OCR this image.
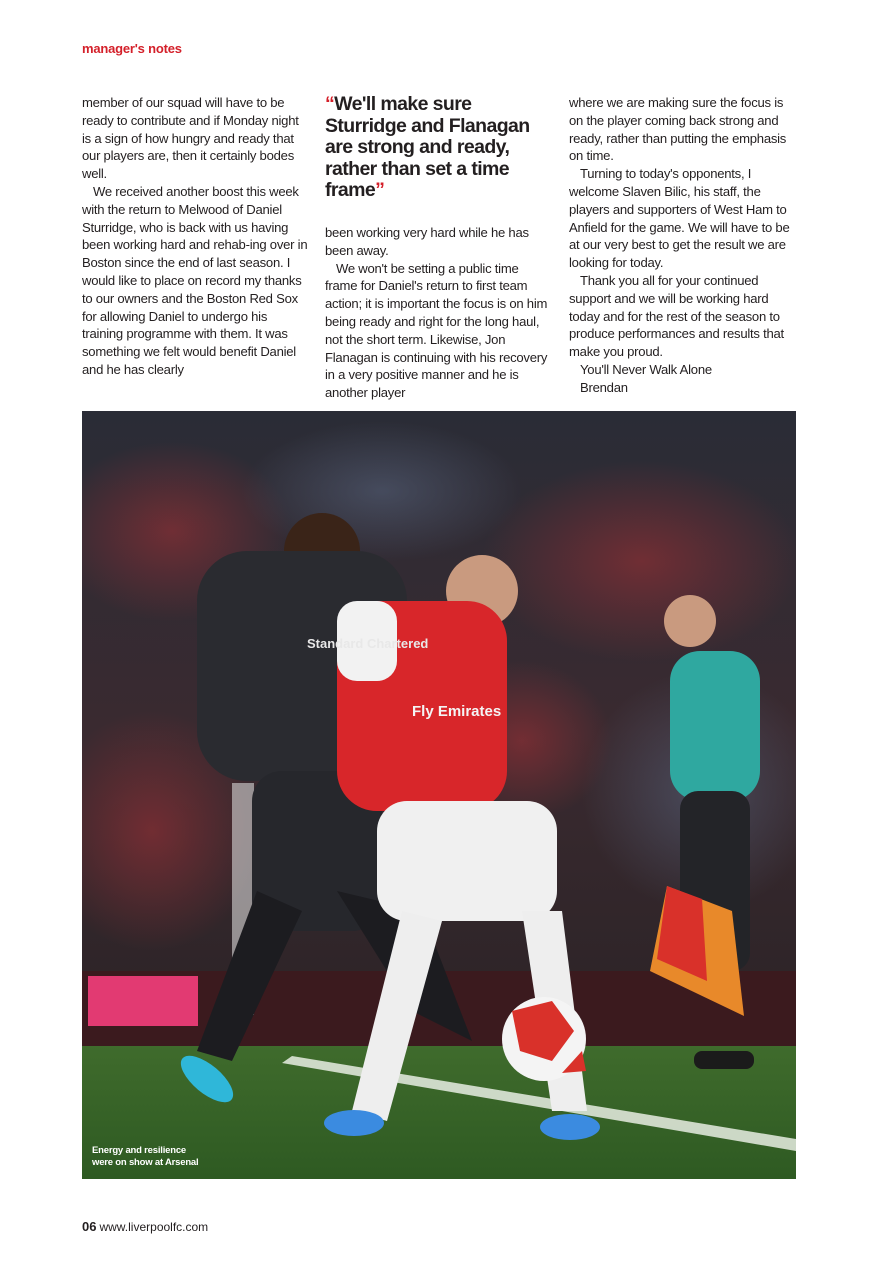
manager's notes

member of our squad will have to be ready to contribute and if Monday night is a sign of how hungry and ready that our players are, then it certainly bodes well.

We received another boost this week with the return to Melwood of Daniel Sturridge, who is back with us having been working hard and rehab-ing over in Boston since the end of last season. I would like to place on record my thanks to our owners and the Boston Red Sox for allowing Daniel to undergo his training programme with them. It was something we felt would benefit Daniel and he has clearly

“We'll make sure Sturridge and Flanagan are strong and ready, rather than set a time frame”

been working very hard while he has been away.

We won't be setting a public time frame for Daniel's return to first team action; it is important the focus is on him being ready and right for the long haul, not the short term. Likewise, Jon Flanagan is continuing with his recovery in a very positive manner and he is another player

where we are making sure the focus is on the player coming back strong and ready, rather than putting the emphasis on time.

Turning to today's opponents, I welcome Slaven Bilic, his staff, the players and supporters of West Ham to Anfield for the game. We will have to be at our very best to get the result we are looking for today.

Thank you all for your continued support and we will be working hard today and for the rest of the season to produce performances and results that make you proud.

You'll Never Walk Alone

Brendan

Standard Chartered
Fly Emirates
Energy and resilience
were on show at Arsenal
06 www.liverpoolfc.com
